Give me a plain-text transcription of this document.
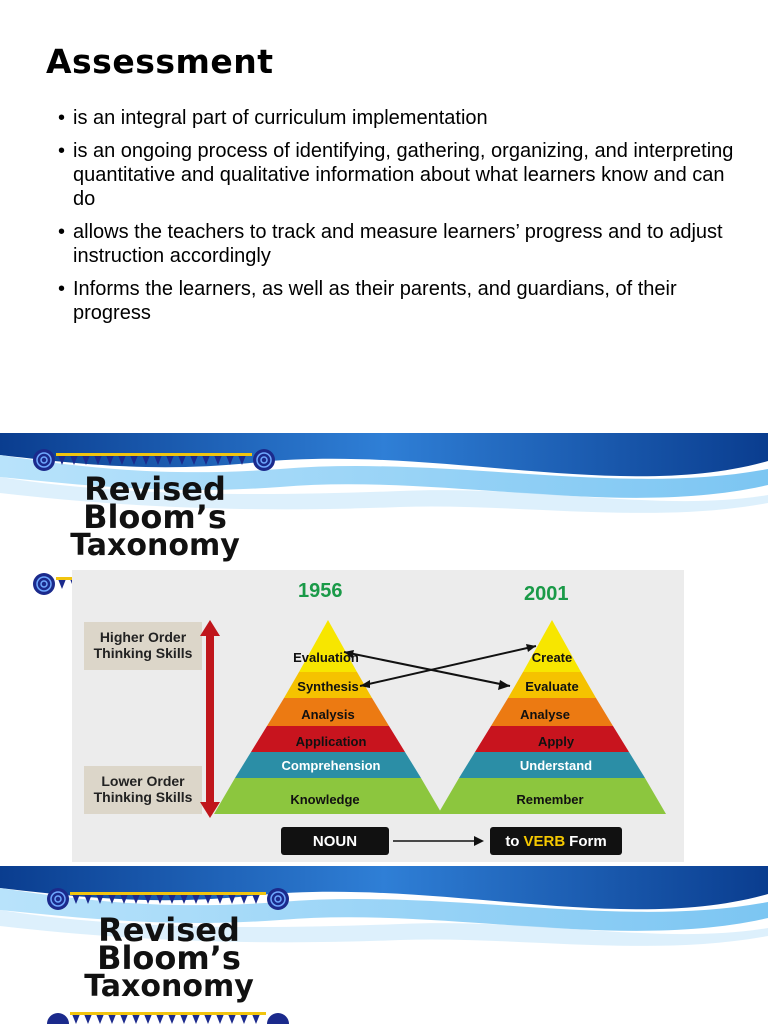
Assessment
• is an integral part of curriculum implementation
• is an ongoing process of identifying, gathering, organizing, and interpreting quantitative and qualitative information about what learners know and can do
• allows the teachers to track and measure learners’ progress and to adjust instruction accordingly
• Informs the learners, as well as their parents, and guardians, of their progress
Revised
Bloom’s
Taxonomy
Higher Order
Thinking Skills
Lower Order
Thinking Skills
1956	2001
Evaluation
Synthesis
Analysis
Application
Comprehension
Knowledge
Create
Evaluate
Analyse
Apply
Understand
Remember
NOUN	to VERB Form
Revised
Bloom’s
Taxonomy
